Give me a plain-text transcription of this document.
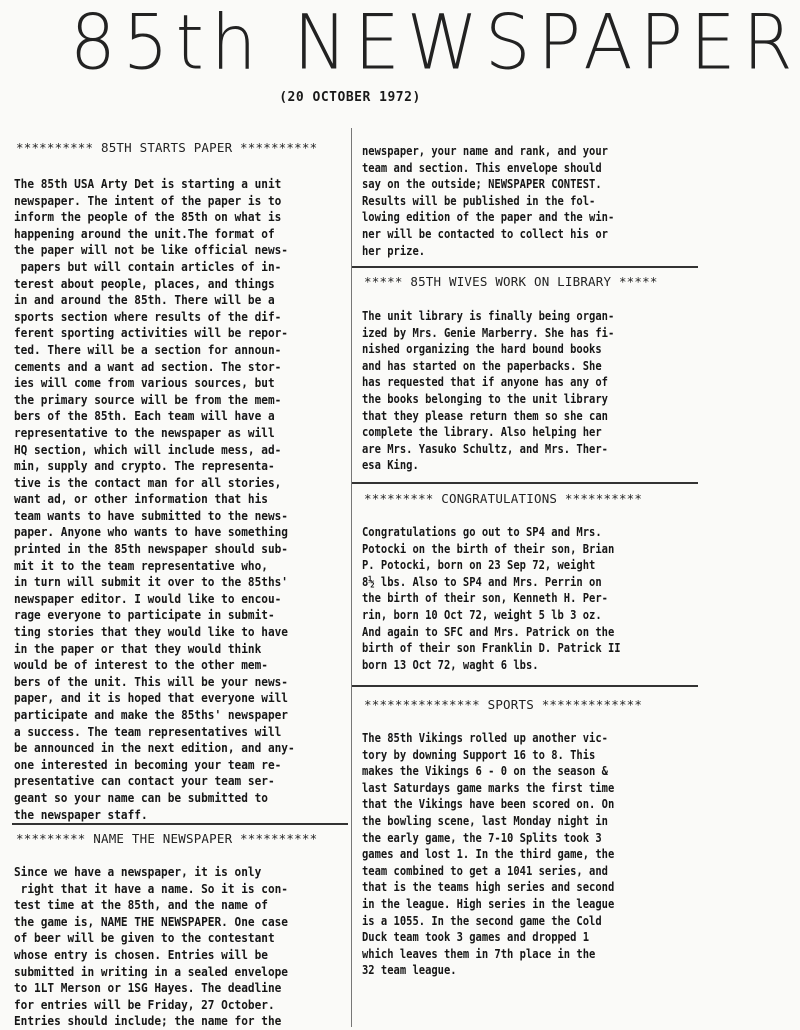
85th NEWSPAPER
(20 OCTOBER 1972)
********** 85TH STARTS PAPER **********
The 85th USA Arty Det is starting a unit
newspaper. The intent of the paper is to
inform the people of the 85th on what is
happening around the unit.The format of
the paper will not be like official news-
papers but will contain articles of in-
terest about people, places, and things
in and around the 85th. There will be a
sports section where results of the dif-
ferent sporting activities will be repor-
ted. There will be a section for announ-
cements and a want ad section. The stor-
ies will come from various sources, but
the primary source will be from the mem-
bers of the 85th. Each team will have a
representative to the newspaper as will
HQ section, which will include mess, ad-
min, supply and crypto. The representa-
tive is the contact man for all stories,
want ad, or other information that his
team wants to have submitted to the news-
paper. Anyone who wants to have something
printed in the 85th newspaper should sub-
mit it to the team representative who,
in turn will submit it over to the 85ths'
newspaper editor. I would like to encou-
rage everyone to participate in submit-
ting stories that they would like to have
in the paper or that they would think
would be of interest to the other mem-
bers of the unit. This will be your news-
paper, and it is hoped that everyone will
participate and make the 85ths' newspaper
a success. The team representatives will
be announced in the next edition, and any-
one interested in becoming your team re-
presentative can contact your team ser-
geant so your name can be submitted to
the newspaper staff.
********* NAME THE NEWSPAPER **********
Since we have a newspaper, it is only
right that it have a name. So it is con-
test time at the 85th, and the name of
the game is, NAME THE NEWSPAPER. One case
of beer will be given to the contestant
whose entry is chosen. Entries will be
submitted in writing in a sealed envelope
to 1LT Merson or 1SG Hayes. The deadline
for entries will be Friday, 27 October.
Entries should include; the name for the
newspaper, your name and rank, and your
team and section. This envelope should
say on the outside; NEWSPAPER CONTEST.
Results will be published in the fol-
lowing edition of the paper and the win-
ner will be contacted to collect his or
her prize.
***** 85TH WIVES WORK ON LIBRARY *****
The unit library is finally being organ-
ized by Mrs. Genie Marberry. She has fi-
nished organizing the hard bound books
and has started on the paperbacks. She
has requested that if anyone has any of
the books belonging to the unit library
that they please return them so she can
complete the library. Also helping her
are Mrs. Yasuko Schultz, and Mrs. Ther-
esa King.
********* CONGRATULATIONS **********
Congratulations go out to SP4 and Mrs.
Potocki on the birth of their son, Brian
P. Potocki, born on 23 Sep 72, weight
8½ lbs. Also to SP4 and Mrs. Perrin on
the birth of their son, Kenneth H. Per-
rin, born 10 Oct 72, weight 5 lb 3 oz.
And again to SFC and Mrs. Patrick on the
birth of their son Franklin D. Patrick II
born 13 Oct 72, waght 6 lbs.
*************** SPORTS *************
The 85th Vikings rolled up another vic-
tory by downing Support 16 to 8. This
makes the Vikings 6 - 0 on the season &
last Saturdays game marks the first time
that the Vikings have been scored on. On
the bowling scene, last Monday night in
the early game, the 7-10 Splits took 3
games and lost 1. In the third game, the
team combined to get a 1041 series, and
that is the teams high series and second
in the league. High series in the league
is a 1055. In the second game the Cold
Duck team took 3 games and dropped 1
which leaves them in 7th place in the
32 team league.
